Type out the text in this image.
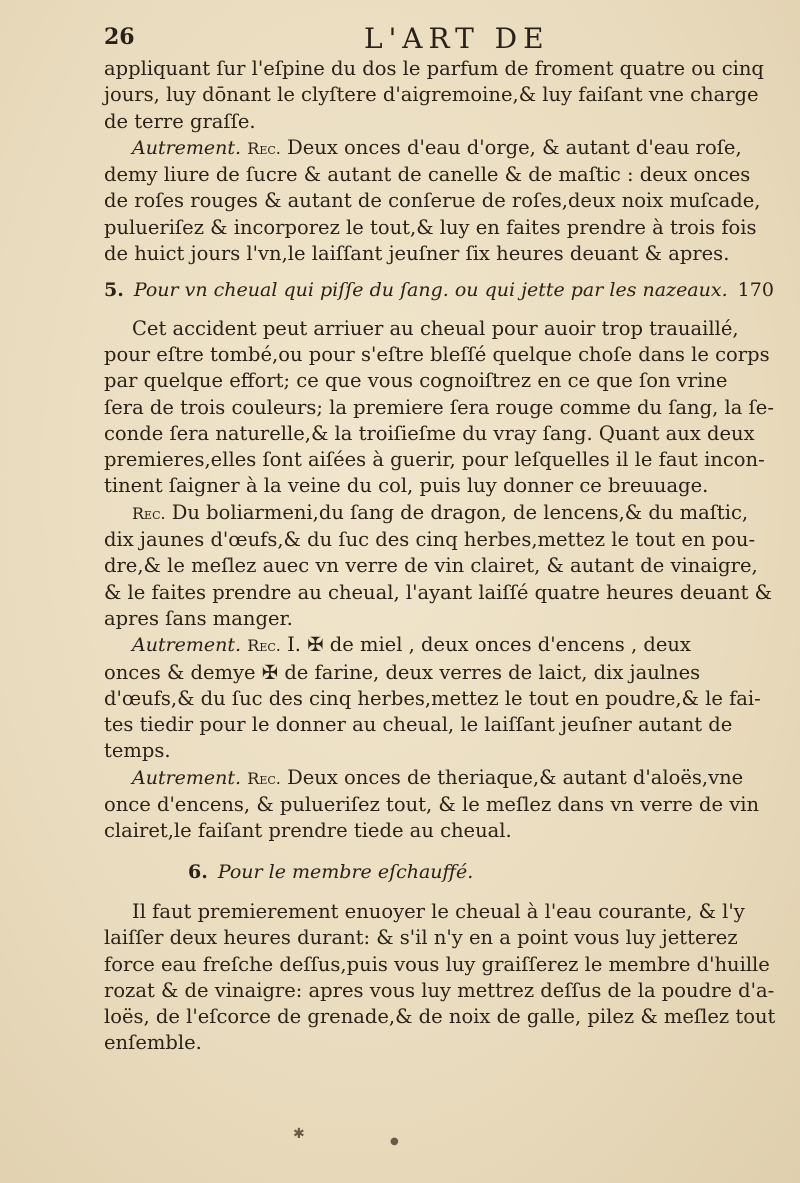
26	L'ART DE
appliquant ſur l'eſpine du dos le parfum de froment quatre ou cinq
jours, luy dōnant le clyſtere d'aigremoine,& luy faiſant vne charge
de terre graſſe.
Autrement. Rec. Deux onces d'eau d'orge, & autant d'eau roſe,
demy liure de ſucre & autant de canelle & de maſtic : deux onces
de roſes rouges & autant de conſerue de roſes,deux noix muſcade,
pulueriſez & incorporez le tout,& luy en faites prendre à trois fois
de huict jours l'vn,le laiſſant jeuſner ſix heures deuant & apres.
5. Pour vn cheual qui piſſe du ſang. ou qui jette par les nazeaux. 170
Cet accident peut arriuer au cheual pour auoir trop trauaillé,
pour eſtre tombé,ou pour s'eſtre bleſſé quelque choſe dans le corps
par quelque effort; ce que vous cognoiſtrez en ce que ſon vrine
ſera de trois couleurs; la premiere ſera rouge comme du ſang, la ſe-
conde ſera naturelle,& la troiſieſme du vray ſang. Quant aux deux
premieres,elles ſont aiſées à guerir, pour leſquelles il le faut incon-
tinent ſaigner à la veine du col, puis luy donner ce breuuage.
Rec. Du boliarmeni,du ſang de dragon, de lencens,& du maſtic,
dix jaunes d'œufs,& du ſuc des cinq herbes,mettez le tout en pou-
dre,& le meſlez auec vn verre de vin clairet, & autant de vinaigre,
& le faites prendre au cheual, l'ayant laiſſé quatre heures deuant &
apres ſans manger.
Autrement. Rec. I. ✠ de miel , deux onces d'encens , deux
onces & demye ✠ de farine, deux verres de laict, dix jaulnes
d'œufs,& du ſuc des cinq herbes,mettez le tout en poudre,& le fai-
tes tiedir pour le donner au cheual, le laiſſant jeuſner autant de
temps.
Autrement. Rec. Deux onces de theriaque,& autant d'aloës,vne
once d'encens, & pulueriſez tout, & le meſlez dans vn verre de vin
clairet,le faiſant prendre tiede au cheual.
6. Pour le membre eſchauffé.
Il faut premierement enuoyer le cheual à l'eau courante, & l'y
laiſſer deux heures durant: & s'il n'y en a point vous luy jetterez
force eau freſche deſſus,puis vous luy graiſſerez le membre d'huille
rozat & de vinaigre: apres vous luy mettrez deſſus de la poudre d'a-
loës, de l'eſcorce de grenade,& de noix de galle, pilez & meſlez tout
enſemble.
✱	●
